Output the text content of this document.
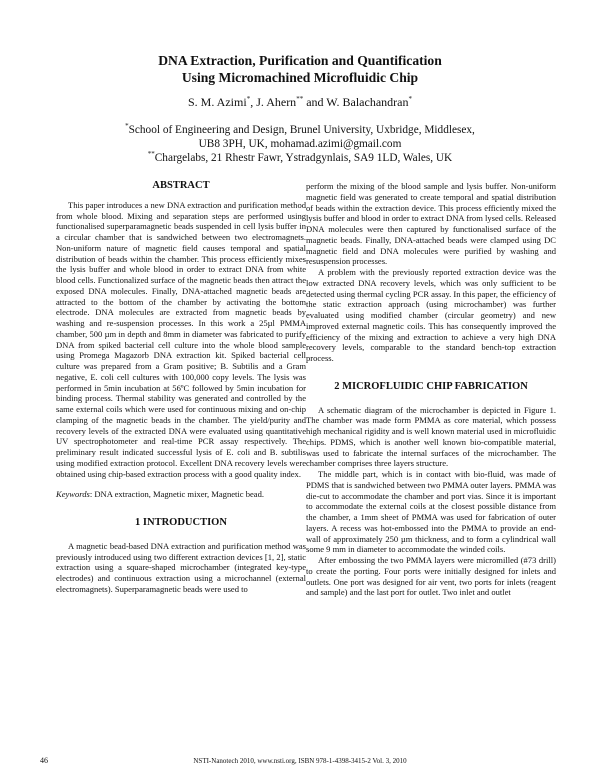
DNA Extraction, Purification and Quantification
Using Micromachined Microfluidic Chip
S. M. Azimi*, J. Ahern** and W. Balachandran*
*School of Engineering and Design, Brunel University, Uxbridge, Middlesex,
UB8 3PH, UK, mohamad.azimi@gmail.com
**Chargelabs, 21 Rhestr Fawr, Ystradgynlais, SA9 1LD, Wales, UK
ABSTRACT

This paper introduces a new DNA extraction and purification method from whole blood. Mixing and separation steps are performed using functionalised superparamagnetic beads suspended in cell lysis buffer in a circular chamber that is sandwiched between two electromagnets. Non-uniform nature of magnetic field causes temporal and spatial distribution of beads within the chamber. This process efficiently mixes the lysis buffer and whole blood in order to extract DNA from white blood cells. Functionalized surface of the magnetic beads then attract the exposed DNA molecules. Finally, DNA-attached magnetic beads are attracted to the bottom of the chamber by activating the bottom electrode. DNA molecules are extracted from magnetic beads by washing and re-suspension processes. In this work a 25µl PMMA chamber, 500 µm in depth and 8mm in diameter was fabricated to purify DNA from spiked bacterial cell culture into the whole blood sample using Promega Magazorb DNA extraction kit. Spiked bacterial cell culture was prepared from a Gram positive; B. Subtilis and a Gram negative, E. coli cell cultures with 100,000 copy levels. The lysis was performed in 5min incubation at 56ºC followed by 5min incubation for binding process. Thermal stability was generated and controlled by the same external coils which were used for continuous mixing and on-chip clamping of the magnetic beads in the chamber. The yield/purity and recovery levels of the extracted DNA were evaluated using quantitative UV spectrophotometer and real-time PCR assay respectively. The preliminary result indicated successful lysis of E. coli and B. subtilis using modified extraction protocol. Excellent DNA recovery levels were obtained using chip-based extraction process with a good quality index.

Keywords: DNA extraction, Magnetic mixer, Magnetic bead.

1 INTRODUCTION

A magnetic bead-based DNA extraction and purification method was previously introduced using two different extraction devices [1, 2], static extraction using a square-shaped microchamber (integrated key-type electrodes) and continuous extraction using a microchannel (external electromagnets). Superparamagnetic beads were used to

perform the mixing of the blood sample and lysis buffer. Non-uniform magnetic field was generated to create temporal and spatial distribution of beads within the extraction device. This process efficiently mixed the lysis buffer and blood in order to extract DNA from lysed cells. Released DNA molecules were then captured by functionalised surface of the magnetic beads. Finally, DNA-attached beads were clamped using DC magnetic field and DNA molecules were purified by washing and resuspension processes.

A problem with the previously reported extraction device was the low extracted DNA recovery levels, which was only sufficient to be detected using thermal cycling PCR assay. In this paper, the efficiency of the static extraction approach (using microchamber) was further evaluated using modified chamber (circular geometry) and new improved external magnetic coils. This has consequently improved the efficiency of the mixing and extraction to achieve a very high DNA recovery levels, comparable to the standard bench-top extraction process.

2 MICROFLUIDIC CHIP FABRICATION

A schematic diagram of the microchamber is depicted in Figure 1. The chamber was made form PMMA as core material, which possess high mechanical rigidity and is well known material used in microfluidic chips. PDMS, which is another well known bio-compatible material, was used to fabricate the internal surfaces of the microchamber. The chamber comprises three layers structure.

The middle part, which is in contact with bio-fluid, was made of PDMS that is sandwiched between two PMMA outer layers. PMMA was die-cut to accommodate the chamber and port vias. Since it is important to accommodate the external coils at the closest possible distance from the chamber, a 1mm sheet of PMMA was used for fabrication of outer layers. A recess was hot-embossed into the PMMA to provide an end-wall of approximately 250 µm thickness, and to form a cylindrical wall some 9 mm in diameter to accommodate the winded coils.

After embossing the two PMMA layers were micromilled (#73 drill) to create the porting. Four ports were initially designed for inlets and outlets. One port was designed for air vent, two ports for inlets (reagent and sample) and the last port for outlet. Two inlet and outlet

46	NSTI-Nanotech 2010, www.nsti.org, ISBN 978-1-4398-3415-2 Vol. 3, 2010
